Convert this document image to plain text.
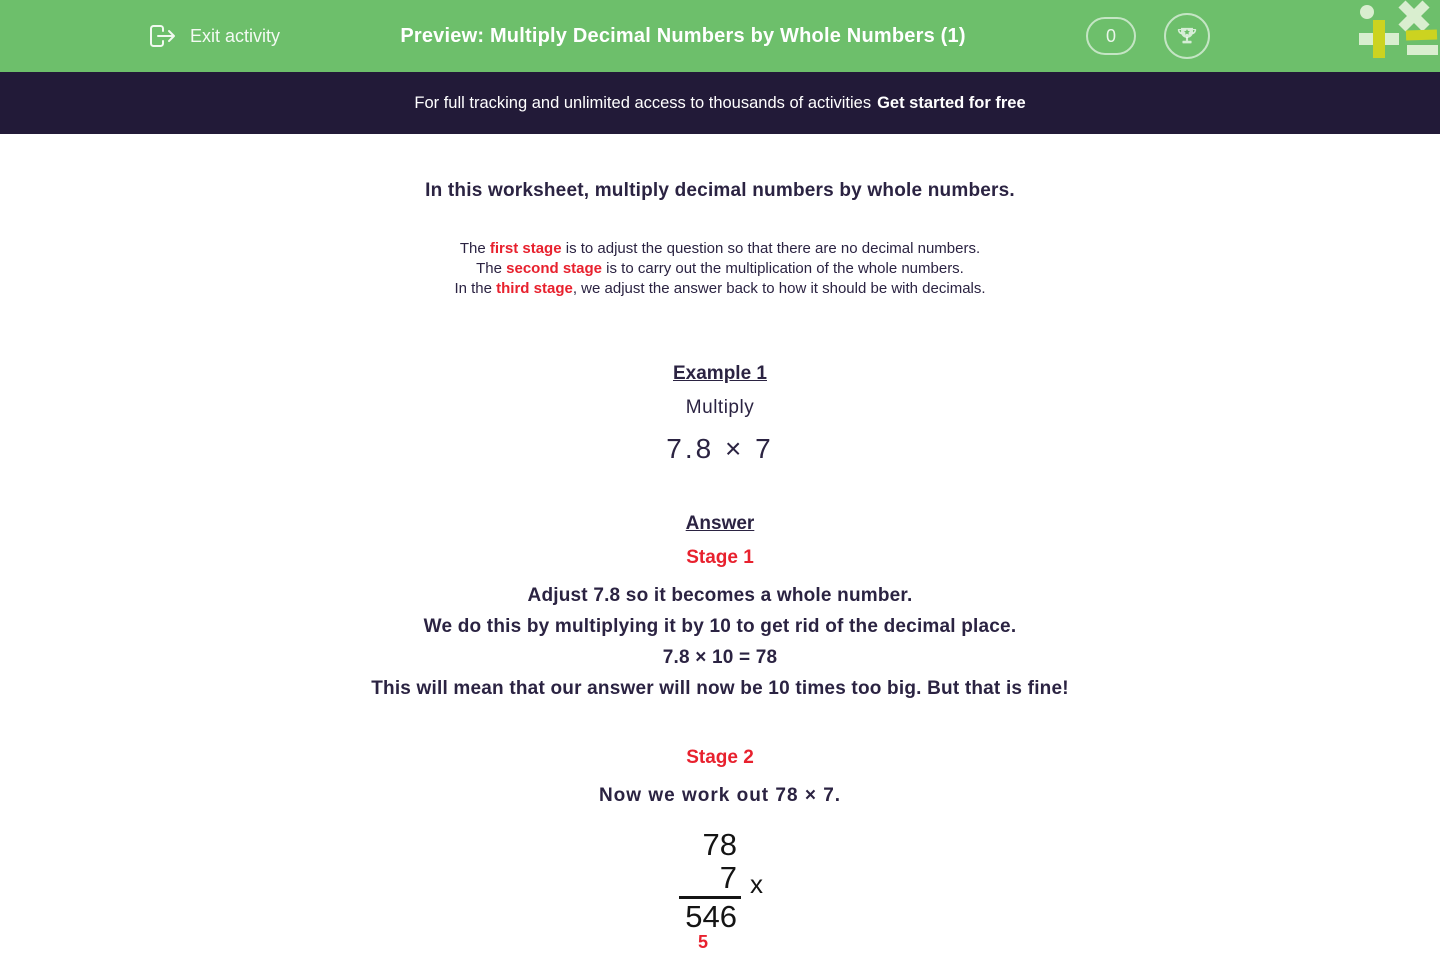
Exit activity	Preview: Multiply Decimal Numbers by Whole Numbers (1)	0
For full tracking and unlimited access to thousands of activities Get started for free
In this worksheet, multiply decimal numbers by whole numbers.
The first stage is to adjust the question so that there are no decimal numbers.
The second stage is to carry out the multiplication of the whole numbers.
In the third stage, we adjust the answer back to how it should be with decimals.
Example 1
Multiply
7.8 × 7
Answer
Stage 1
Adjust 7.8 so it becomes a whole number.
We do this by multiplying it by 10 to get rid of the decimal place.
7.8 × 10 = 78
This will mean that our answer will now be 10 times too big. But that is fine!
Stage 2
Now we work out 78 × 7.
78
7 x
546
5
